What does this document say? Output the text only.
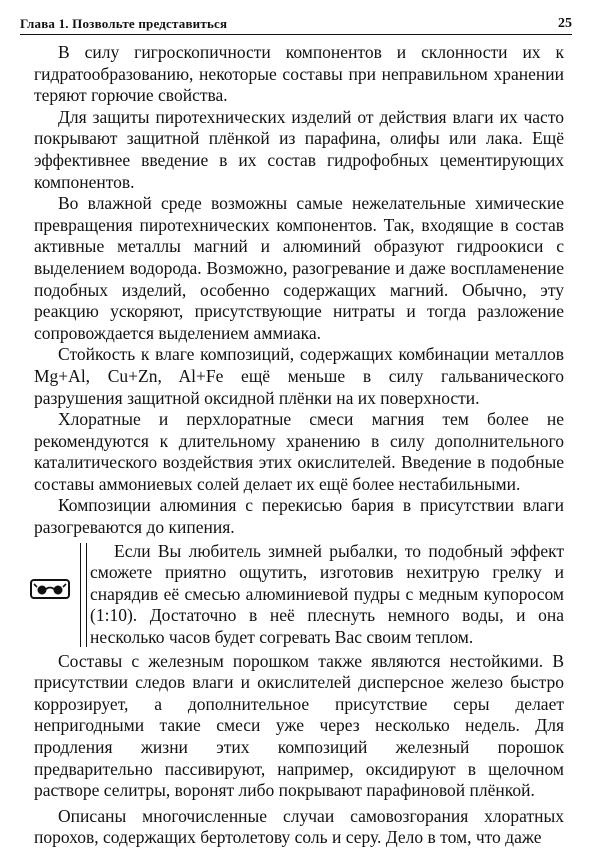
Глава 1. Позвольте представиться	25

В силу гигроскопичности компонентов и склонности их к гидратообразованию, некоторые составы при неправильном хранении теряют горючие свойства.

Для защиты пиротехнических изделий от действия влаги их часто покрывают защитной плёнкой из парафина, олифы или лака. Ещё эффективнее введение в их состав гидрофобных цементирующих компонентов.

Во влажной среде возможны самые нежелательные химические превращения пиротехнических компонентов. Так, входящие в состав активные металлы магний и алюминий образуют гидроокиси с выделением водорода. Возможно, разогревание и даже воспламенение подобных изделий, особенно содержащих магний. Обычно, эту реакцию ускоряют, присутствующие нитраты и тогда разложение сопровождается выделением аммиака.

Стойкость к влаге композиций, содержащих комбинации металлов Mg+Al, Cu+Zn, Al+Fe ещё меньше в силу гальванического разрушения защитной оксидной плёнки на их поверхности.

Хлоратные и перхлоратные смеси магния тем более не рекомендуются к длительному хранению в силу дополнительного каталитического воздействия этих окислителей. Введение в подобные составы аммониевых солей делает их ещё более нестабильными.

Композиции алюминия с перекисью бария в присутствии влаги разогреваются до кипения.

Если Вы любитель зимней рыбалки, то подобный эффект сможете приятно ощутить, изготовив нехитрую грелку и снарядив её смесью алюминиевой пудры с медным купоросом (1:10). Достаточно в неё плеснуть немного воды, и она несколько часов будет согревать Вас своим теплом.

Составы с железным порошком также являются нестойкими. В присутствии следов влаги и окислителей дисперсное железо быстро коррозирует, а дополнительное присутствие серы делает непригодными такие смеси уже через несколько недель. Для продления жизни этих композиций железный порошок предварительно пассивируют, например, оксидируют в щелочном растворе селитры, воронят либо покрывают парафиновой плёнкой.

Описаны многочисленные случаи самовозгорания хлоратных порохов, содержащих бертолетову соль и серу. Дело в том, что даже
